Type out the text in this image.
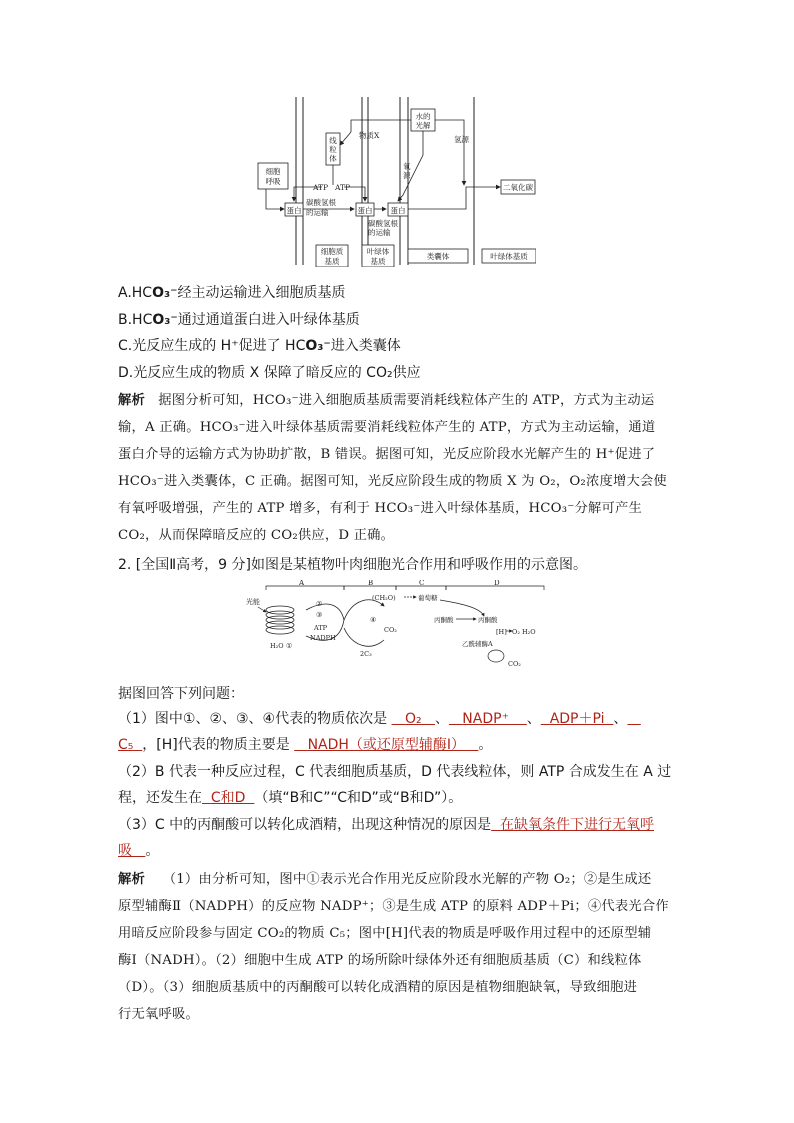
细胞
呼吸
线
粒
体
物质X
水的
光解
氢源
氧
源
二氧化碳
ATP ATP
蛋白	蛋白 蛋白
碳酸氢根
的运输
碳酸氢根
的运输
细胞质
基质
叶绿体
基质
类囊体	叶绿体基质
A.HCO₃⁻经主动运输进入细胞质基质
B.HCO₃⁻通过通道蛋白进入叶绿体基质
C.光反应生成的 H⁺促进了 HCO₃⁻进入类囊体
D.光反应生成的物质 X 保障了暗反应的 CO₂供应
解析 据图分析可知，HCO₃⁻进入细胞质基质需要消耗线粒体产生的 ATP，方式为主动运
输，A 正确。HCO₃⁻进入叶绿体基质需要消耗线粒体产生的 ATP，方式为主动运输，通道
蛋白介导的运输方式为协助扩散，B 错误。据图可知，光反应阶段水光解产生的 H⁺促进了
HCO₃⁻进入类囊体，C 正确。据图可知，光反应阶段生成的物质 X 为 O₂，O₂浓度增大会使
有氧呼吸增强，产生的 ATP 增多，有利于 HCO₃⁻进入叶绿体基质，HCO₃⁻分解可产生
CO₂，从而保障暗反应的 CO₂供应，D 正确。
2. [全国Ⅱ高考，9 分]如图是某植物叶肉细胞光合作用和呼吸作用的示意图。
A	B	C	D
光能
H₂O ①
②
③
ATP
NADPH
④
CO₂
2C₃
(CH₂O)	葡萄糖
丙酮酸	丙酮酸
[H] O₂ H₂O
乙酰辅酶A
CO₂
据图回答下列问题：
（1）图中①、②、③、④代表的物质依次是 O₂ 、 NADP⁺ 、 ADP＋Pi 、
C₅ ，[H]代表的物质主要是 NADH（或还原型辅酶Ⅰ） 。
（2）B 代表一种反应过程，C 代表细胞质基质，D 代表线粒体，则 ATP 合成发生在 A 过
程，还发生在 C和D （填“B和C”“C和D”或“B和D”）。
（3）C 中的丙酮酸可以转化成酒精，出现这种情况的原因是 在缺氧条件下进行无氧呼
吸 。
解析 （1）由分析可知，图中①表示光合作用光反应阶段水光解的产物 O₂；②是生成还
原型辅酶Ⅱ（NADPH）的反应物 NADP⁺；③是生成 ATP 的原料 ADP＋Pi；④代表光合作
用暗反应阶段参与固定 CO₂的物质 C₅；图中[H]代表的物质是呼吸作用过程中的还原型辅
酶Ⅰ（NADH）。（2）细胞中生成 ATP 的场所除叶绿体外还有细胞质基质（C）和线粒体
（D）。（3）细胞质基质中的丙酮酸可以转化成酒精的原因是植物细胞缺氧，导致细胞进
行无氧呼吸。
